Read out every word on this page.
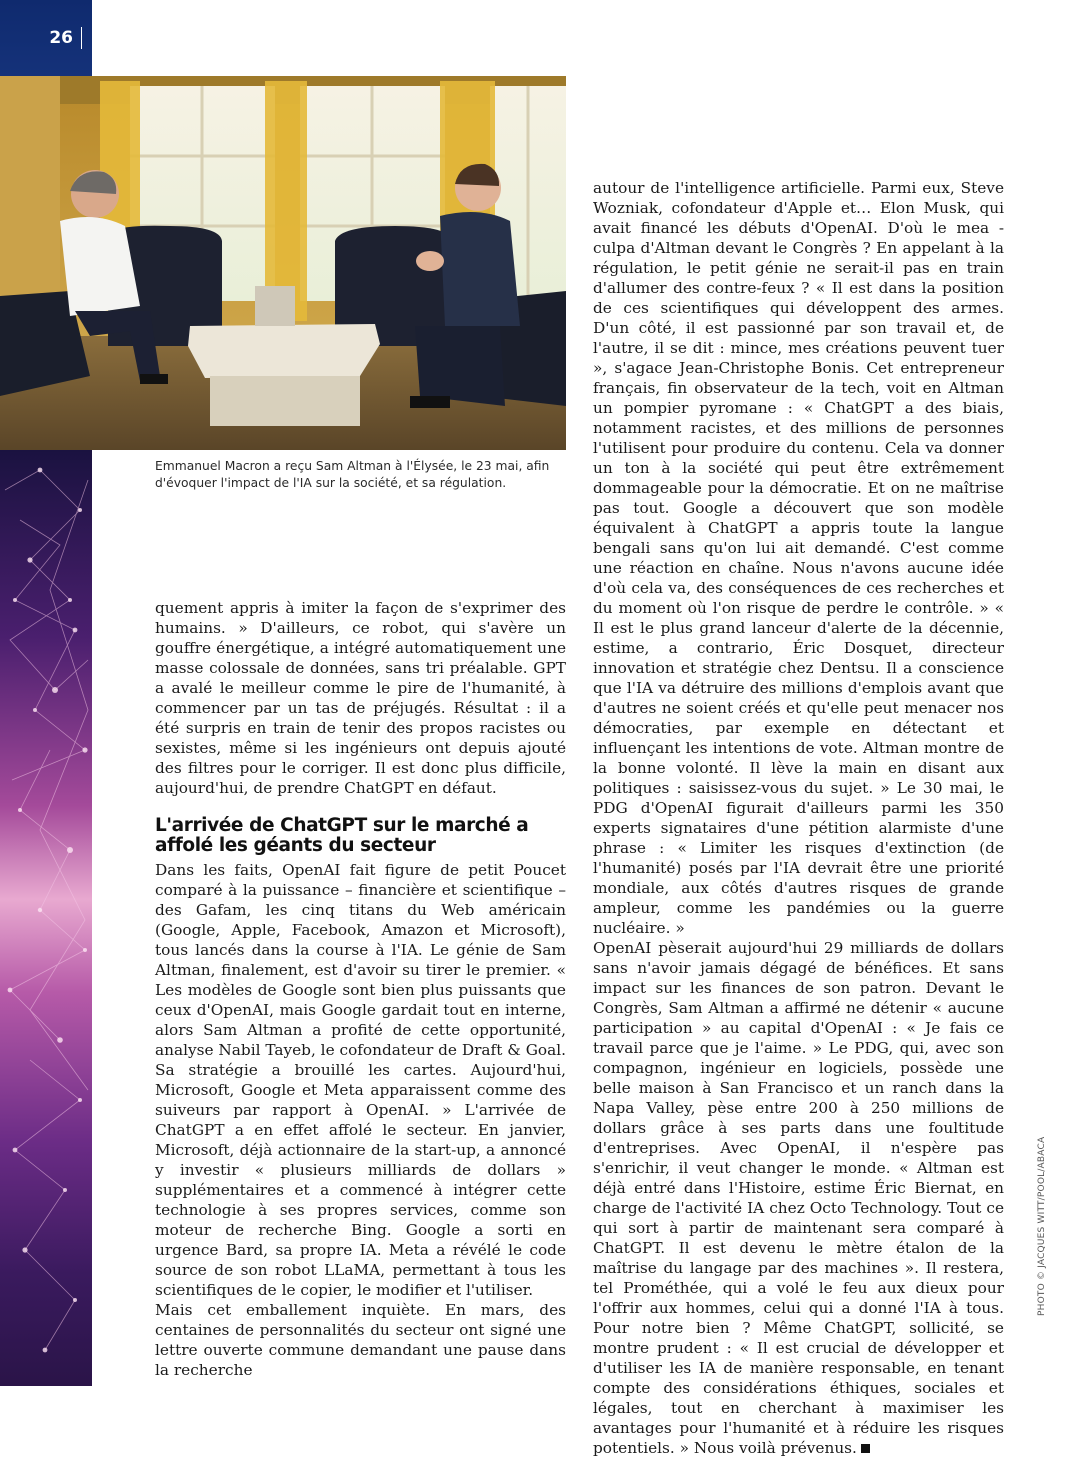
26
Emmanuel Macron a reçu Sam Altman à l'Élysée, le 23 mai, afin d'évoquer l'impact de l'IA sur la société, et sa régulation.

quement appris à imiter la façon de s'exprimer des humains. » D'ailleurs, ce robot, qui s'avère un gouffre énergétique, a intégré automatiquement une masse colossale de données, sans tri préalable. GPT a avalé le meilleur comme le pire de l'humanité, à commencer par un tas de préjugés. Résultat : il a été surpris en train de tenir des propos racistes ou sexistes, même si les ingénieurs ont depuis ajouté des filtres pour le corriger. Il est donc plus difficile, aujourd'hui, de prendre ChatGPT en défaut.

L'arrivée de ChatGPT sur le marché a affolé les géants du secteur

Dans les faits, OpenAI fait figure de petit Poucet comparé à la puissance – financière et scientifique – des Gafam, les cinq titans du Web américain (Google, Apple, Facebook, Amazon et Microsoft), tous lancés dans la course à l'IA. Le génie de Sam Altman, finalement, est d'avoir su tirer le premier. « Les modèles de Google sont bien plus puissants que ceux d'OpenAI, mais Google gardait tout en interne, alors Sam Altman a profité de cette opportunité, analyse Nabil Tayeb, le cofondateur de Draft & Goal. Sa stratégie a brouillé les cartes. Aujourd'hui, Microsoft, Google et Meta apparaissent comme des suiveurs par rapport à OpenAI. » L'arrivée de ChatGPT a en effet affolé le secteur. En janvier, Microsoft, déjà actionnaire de la start-up, a annoncé y investir « plusieurs milliards de dollars » supplémentaires et a commencé à intégrer cette technologie à ses propres services, comme son moteur de recherche Bing. Google a sorti en urgence Bard, sa propre IA. Meta a révélé le code source de son robot LLaMA, permettant à tous les scientifiques de le copier, le modifier et l'utiliser.

Mais cet emballement inquiète. En mars, des centaines de personnalités du secteur ont signé une lettre ouverte commune demandant une pause dans la recherche

autour de l'intelligence artificielle. Parmi eux, Steve Wozniak, cofondateur d'Apple et… Elon Musk, qui avait financé les débuts d'OpenAI. D'où le mea -culpa d'Altman devant le Congrès ? En appelant à la régulation, le petit génie ne serait-il pas en train d'allumer des contre-feux ? « Il est dans la position de ces scientifiques qui développent des armes. D'un côté, il est passionné par son travail et, de l'autre, il se dit : mince, mes créations peuvent tuer », s'agace Jean-Christophe Bonis. Cet entrepreneur français, fin observateur de la tech, voit en Altman un pompier pyromane : « ChatGPT a des biais, notamment racistes, et des millions de personnes l'utilisent pour produire du contenu. Cela va donner un ton à la société qui peut être extrêmement dommageable pour la démocratie. Et on ne maîtrise pas tout. Google a découvert que son modèle équivalent à ChatGPT a appris toute la langue bengali sans qu'on lui ait demandé. C'est comme une réaction en chaîne. Nous n'avons aucune idée d'où cela va, des conséquences de ces recherches et du moment où l'on risque de perdre le contrôle. » « Il est le plus grand lanceur d'alerte de la décennie, estime, a contrario, Éric Dosquet, directeur innovation et stratégie chez Dentsu. Il a conscience que l'IA va détruire des millions d'emplois avant que d'autres ne soient créés et qu'elle peut menacer nos démocraties, par exemple en détectant et influençant les intentions de vote. Altman montre de la bonne volonté. Il lève la main en disant aux politiques : saisissez-vous du sujet. » Le 30 mai, le PDG d'OpenAI figurait d'ailleurs parmi les 350 experts signataires d'une pétition alarmiste d'une phrase : « Limiter les risques d'extinction (de l'humanité) posés par l'IA devrait être une priorité mondiale, aux côtés d'autres risques de grande ampleur, comme les pandémies ou la guerre nucléaire. »

OpenAI pèserait aujourd'hui 29 milliards de dollars sans n'avoir jamais dégagé de bénéfices. Et sans impact sur les finances de son patron. Devant le Congrès, Sam Altman a affirmé ne détenir « aucune participation » au capital d'OpenAI : « Je fais ce travail parce que je l'aime. » Le PDG, qui, avec son compagnon, ingénieur en logiciels, possède une belle maison à San Francisco et un ranch dans la Napa Valley, pèse entre 200 à 250 millions de dollars grâce à ses parts dans une foultitude d'entreprises. Avec OpenAI, il n'espère pas s'enrichir, il veut changer le monde. « Altman est déjà entré dans l'Histoire, estime Éric Biernat, en charge de l'activité IA chez Octo Technology. Tout ce qui sort à partir de maintenant sera comparé à ChatGPT. Il est devenu le mètre étalon de la maîtrise du langage par des machines ». Il restera, tel Prométhée, qui a volé le feu aux dieux pour l'offrir aux hommes, celui qui a donné l'IA à tous. Pour notre bien ? Même ChatGPT, sollicité, se montre prudent : « Il est crucial de développer et d'utiliser les IA de manière responsable, en tenant compte des considérations éthiques, sociales et légales, tout en cherchant à maximiser les avantages pour l'humanité et à réduire les risques potentiels. » Nous voilà prévenus.

PHOTO © JACQUES WITT/POOL/ABACA
